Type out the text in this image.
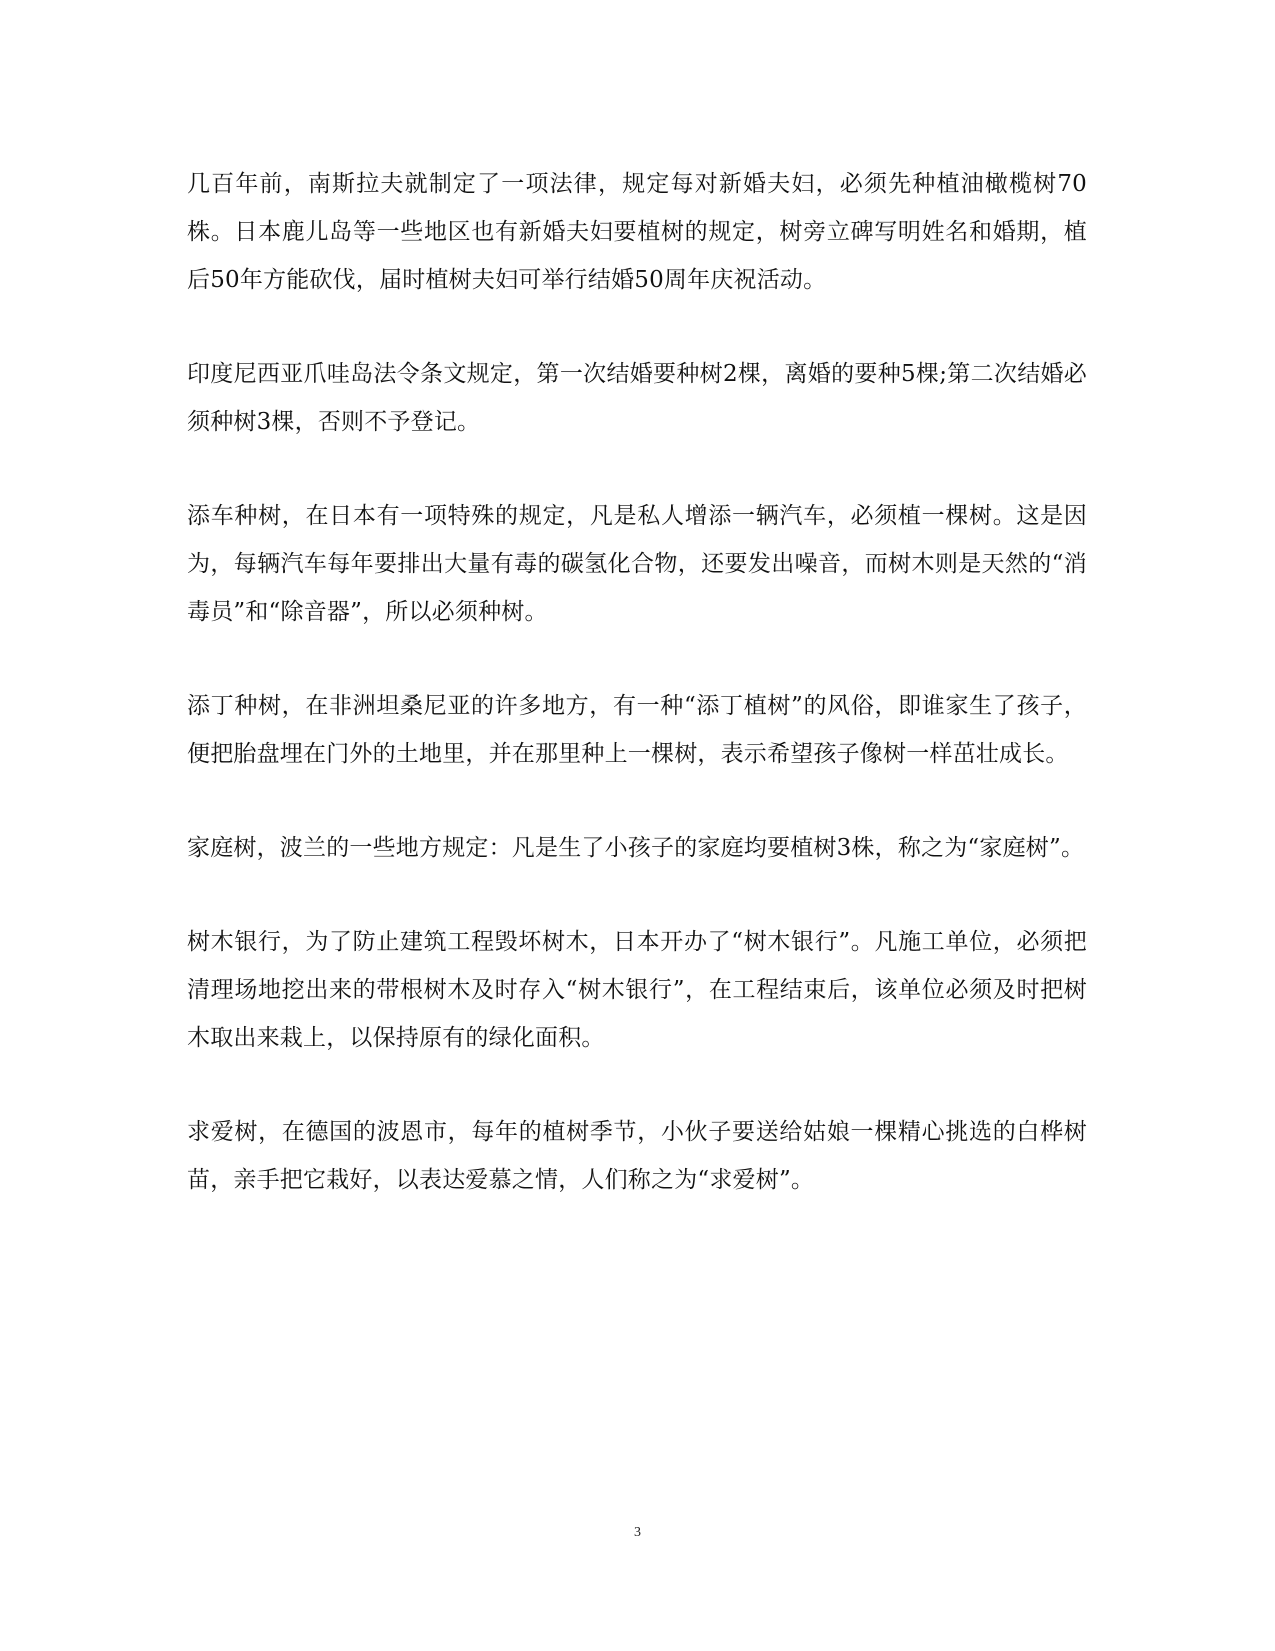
几百年前，南斯拉夫就制定了一项法律，规定每对新婚夫妇，必须先种植油橄榄树70株。日本鹿儿岛等一些地区也有新婚夫妇要植树的规定，树旁立碑写明姓名和婚期，植后50年方能砍伐，届时植树夫妇可举行结婚50周年庆祝活动。

印度尼西亚爪哇岛法令条文规定，第一次结婚要种树2棵，离婚的要种5棵;第二次结婚必须种树3棵，否则不予登记。

添车种树，在日本有一项特殊的规定，凡是私人增添一辆汽车，必须植一棵树。这是因为，每辆汽车每年要排出大量有毒的碳氢化合物，还要发出噪音，而树木则是天然的“消毒员”和“除音器”，所以必须种树。

添丁种树，在非洲坦桑尼亚的许多地方，有一种“添丁植树”的风俗，即谁家生了孩子，便把胎盘埋在门外的土地里，并在那里种上一棵树，表示希望孩子像树一样茁壮成长。

家庭树，波兰的一些地方规定：凡是生了小孩子的家庭均要植树3株，称之为“家庭树”。

树木银行，为了防止建筑工程毁坏树木，日本开办了“树木银行”。凡施工单位，必须把清理场地挖出来的带根树木及时存入“树木银行”，在工程结束后，该单位必须及时把树木取出来栽上，以保持原有的绿化面积。

求爱树，在德国的波恩市，每年的植树季节，小伙子要送给姑娘一棵精心挑选的白桦树苗，亲手把它栽好，以表达爱慕之情，人们称之为“求爱树”。

3
